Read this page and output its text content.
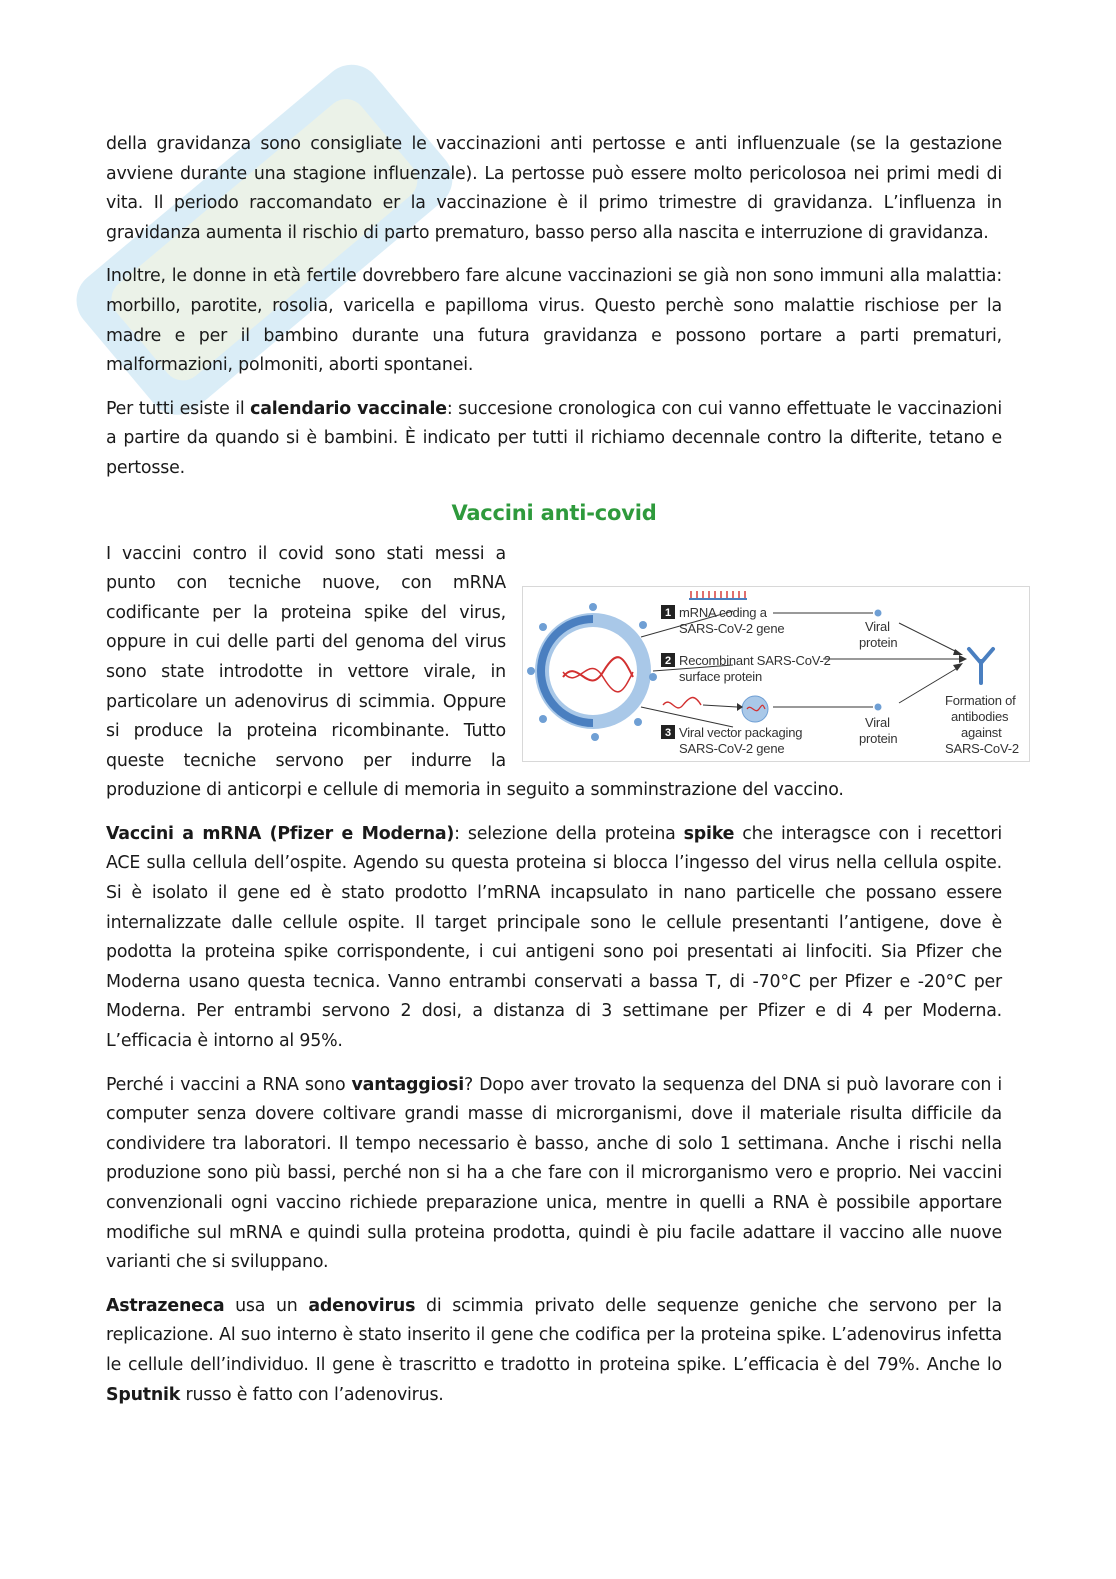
della gravidanza sono consigliate le vaccinazioni anti pertosse e anti influenzuale (se la gestazione avviene durante una stagione influenzale). La pertosse può essere molto pericolosoa nei primi medi di vita. Il periodo raccomandato er la vaccinazione è il primo trimestre di gravidanza. L’influenza in gravidanza aumenta il rischio di parto prematuro, basso perso alla nascita e interruzione di gravidanza.

Inoltre, le donne in età fertile dovrebbero fare alcune vaccinazioni se già non sono immuni alla malattia: morbillo, parotite, rosolia, varicella e papilloma virus. Questo perchè sono malattie rischiose per la madre e per il bambino durante una futura gravidanza e possono portare a parti prematuri, malformazioni, polmoniti, aborti spontanei.

Per tutti esiste il calendario vaccinale: succesione cronologica con cui vanno effettuate le vaccinazioni a partire da quando si è bambini. È indicato per tutti il richiamo decennale contro la difterite, tetano e pertosse.

Vaccini anti-covid

1 mRNA coding a
SARS-CoV-2 gene
2 Recombinant SARS-CoV-2
surface protein
3 Viral vector packaging
SARS-CoV-2 gene
Viral
protein
Viral
protein
Formation of
antibodies
against
SARS-CoV-2
I vaccini contro il covid sono stati messi a punto con tecniche nuove, con mRNA codificante per la proteina spike del virus, oppure in cui delle parti del genoma del virus sono state introdotte in vettore virale, in particolare un adenovirus di scimmia. Oppure si produce la proteina ricombinante. Tutto queste tecniche servono per indurre la produzione di anticorpi e cellule di memoria in seguito a somminstrazione del vaccino.

Vaccini a mRNA (Pfizer e Moderna): selezione della proteina spike che interagsce con i recettori ACE sulla cellula dell’ospite. Agendo su questa proteina si blocca l’ingesso del virus nella cellula ospite. Si è isolato il gene ed è stato prodotto l’mRNA incapsulato in nano particelle che possano essere internalizzate dalle cellule ospite. Il target principale sono le cellule presentanti l’antigene, dove è podotta la proteina spike corrispondente, i cui antigeni sono poi presentati ai linfociti. Sia Pfizer che Moderna usano questa tecnica. Vanno entrambi conservati a bassa T, di -70°C per Pfizer e -20°C per Moderna. Per entrambi servono 2 dosi, a distanza di 3 settimane per Pfizer e di 4 per Moderna. L’efficacia è intorno al 95%.

Perché i vaccini a RNA sono vantaggiosi? Dopo aver trovato la sequenza del DNA si può lavorare con i computer senza dovere coltivare grandi masse di microrganismi, dove il materiale risulta difficile da condividere tra laboratori. Il tempo necessario è basso, anche di solo 1 settimana. Anche i rischi nella produzione sono più bassi, perché non si ha a che fare con il microrganismo vero e proprio. Nei vaccini convenzionali ogni vaccino richiede preparazione unica, mentre in quelli a RNA è possibile apportare modifiche sul mRNA e quindi sulla proteina prodotta, quindi è piu facile adattare il vaccino alle nuove varianti che si sviluppano.

Astrazeneca usa un adenovirus di scimmia privato delle sequenze geniche che servono per la replicazione. Al suo interno è stato inserito il gene che codifica per la proteina spike. L’adenovirus infetta le cellule dell’individuo. Il gene è trascritto e tradotto in proteina spike. L’efficacia è del 79%. Anche lo Sputnik russo è fatto con l’adenovirus.
